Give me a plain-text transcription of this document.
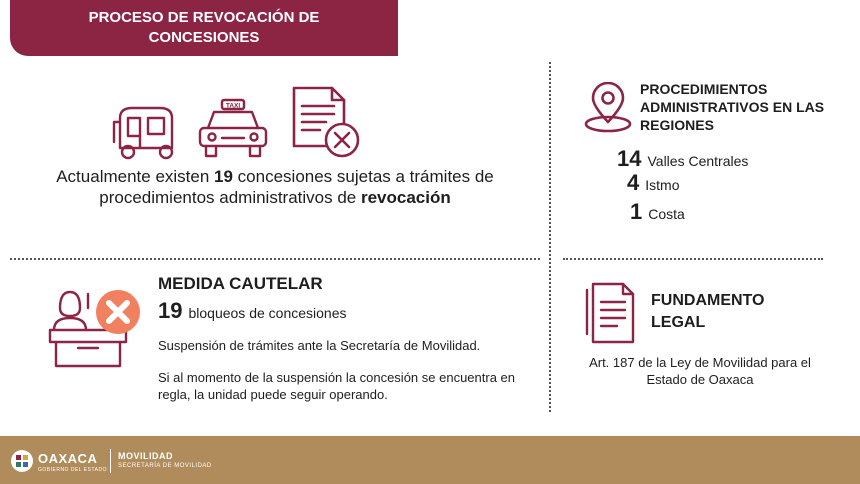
PROCESO DE REVOCACIÓN DE CONCESIONES
TAXI
Actualmente existen 19 concesiones sujetas a trámites de procedimientos administrativos de revocación
PROCEDIMIENTOS ADMINISTRATIVOS EN LAS REGIONES
14 Valles Centrales
4 Istmo
1 Costa
MEDIDA CAUTELAR
19 bloqueos de concesiones
Suspensión de trámites ante la Secretaría de Movilidad.
Si al momento de la suspensión la concesión se encuentra en regla, la unidad puede seguir operando.
FUNDAMENTO LEGAL
Art. 187 de la Ley de Movilidad para el Estado de Oaxaca
OAXACA
GOBIERNO DEL ESTADO
MOVILIDAD
SECRETARÍA DE MOVILIDAD
